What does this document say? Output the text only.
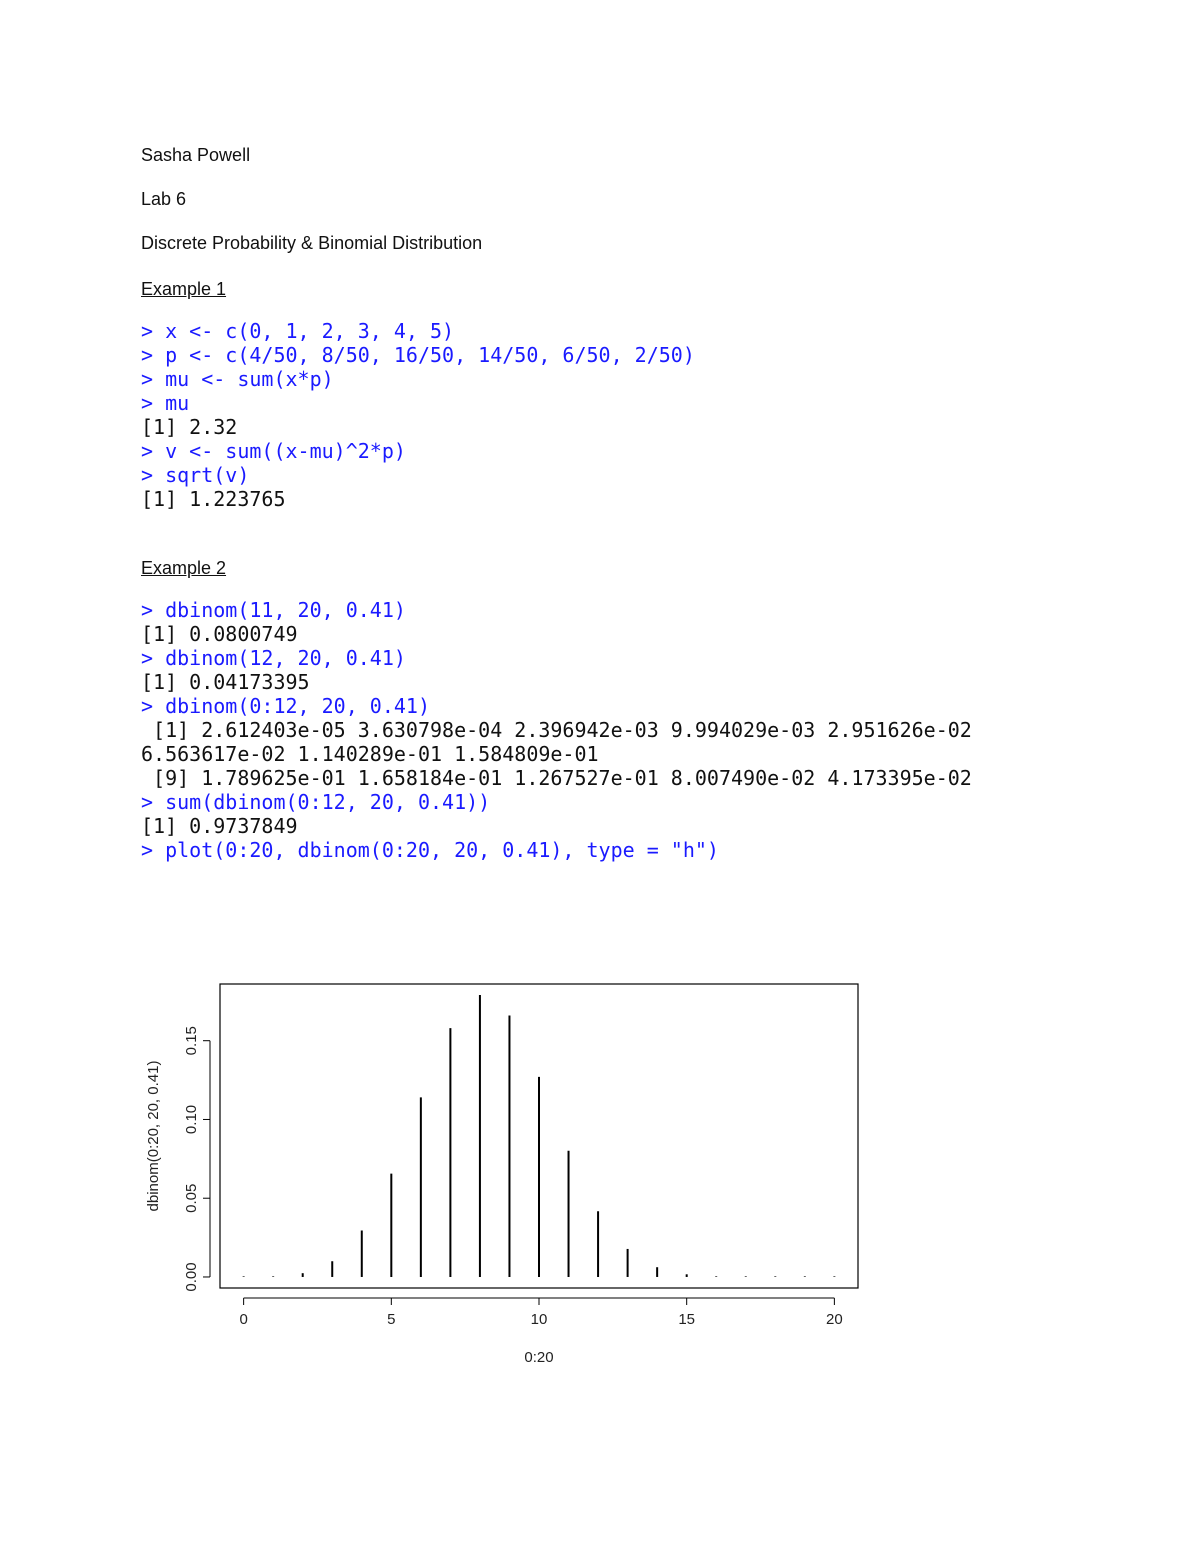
Sasha Powell
Lab 6
Discrete Probability & Binomial Distribution
Example 1
> x <- c(0, 1, 2, 3, 4, 5)
> p <- c(4/50, 8/50, 16/50, 14/50, 6/50, 2/50)
> mu <- sum(x*p)
> mu
[1] 2.32
> v <- sum((x-mu)^2*p)
> sqrt(v)
[1] 1.223765
Example 2
> dbinom(11, 20, 0.41)
[1] 0.0800749
> dbinom(12, 20, 0.41)
[1] 0.04173395
> dbinom(0:12, 20, 0.41)
[1] 2.612403e-05 3.630798e-04 2.396942e-03 9.994029e-03 2.951626e-02
6.563617e-02 1.140289e-01 1.584809e-01
[9] 1.789625e-01 1.658184e-01 1.267527e-01 8.007490e-02 4.173395e-02
> sum(dbinom(0:12, 20, 0.41))
[1] 0.9737849
> plot(0:20, dbinom(0:20, 20, 0.41), type = "h")
0	5	10	15	20
0:20
0.00
0.05
0.10
0.15
dbinom(0:20, 20, 0.41)
